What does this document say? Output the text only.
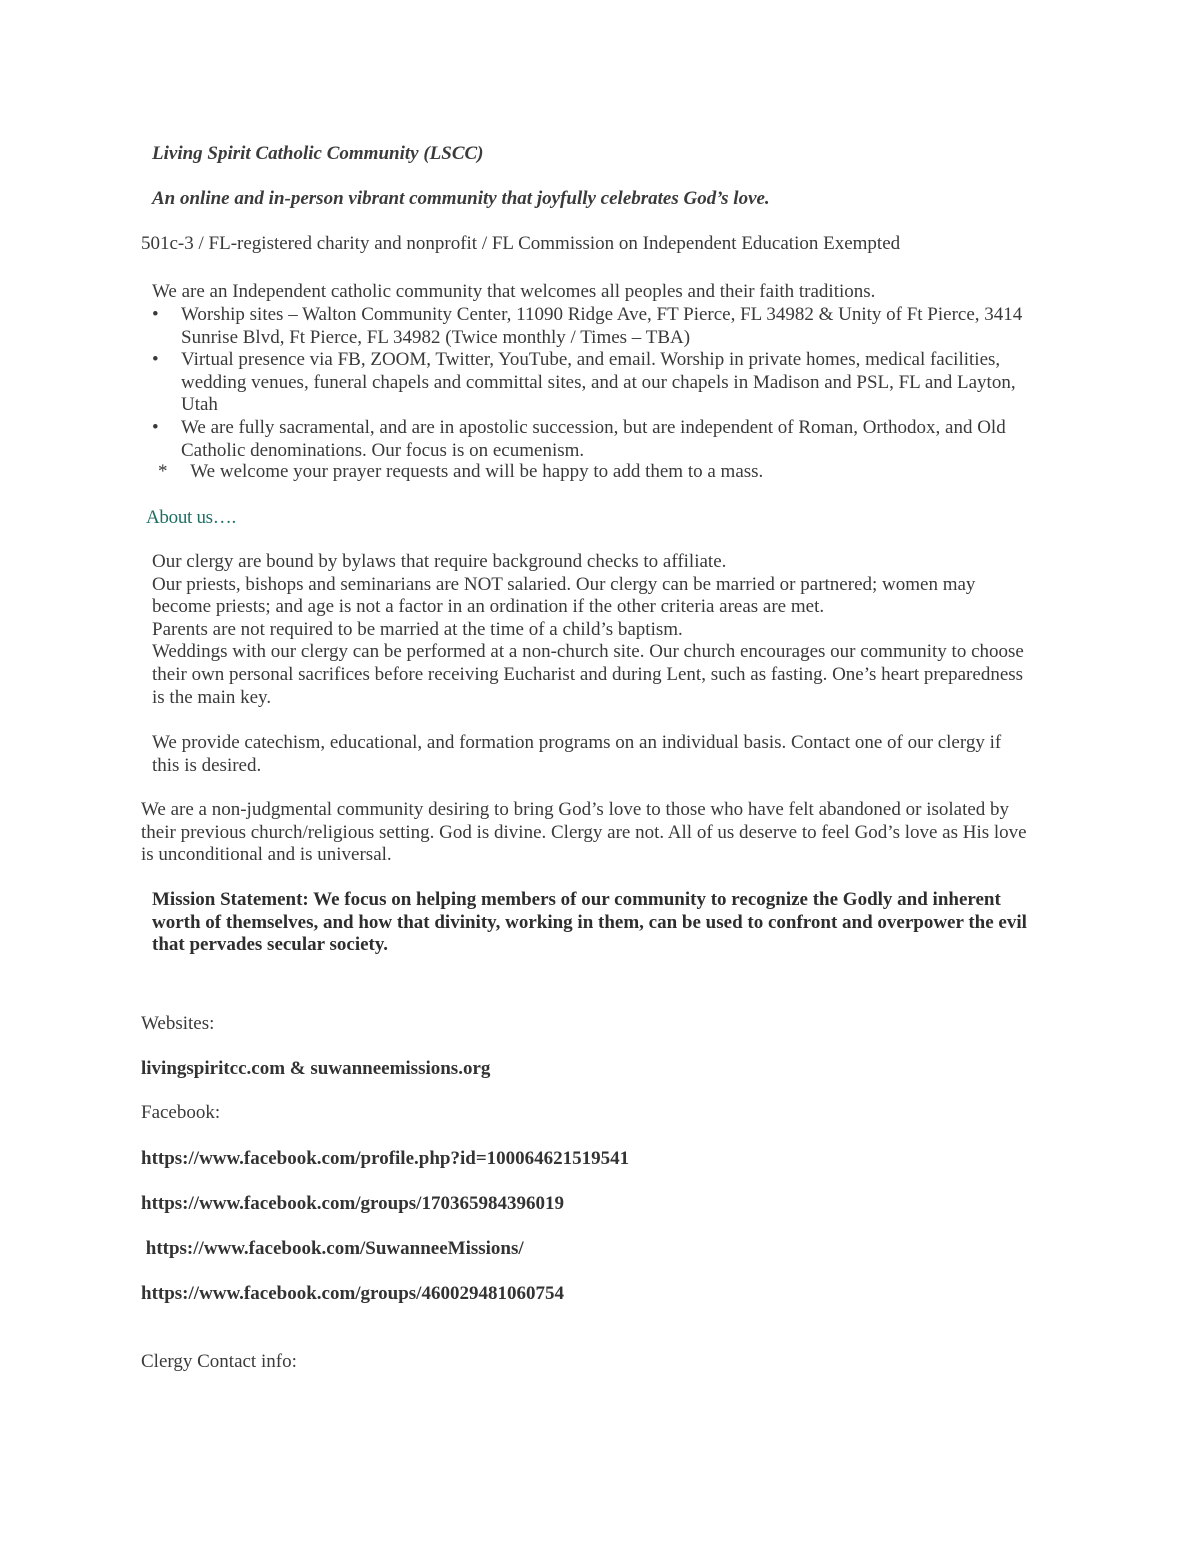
Living Spirit Catholic Community (LSCC)
An online and in-person vibrant community that joyfully celebrates God’s love.
501c-3 / FL-registered charity and nonprofit / FL Commission on Independent Education Exempted
We are an Independent catholic community that welcomes all peoples and their faith traditions.
•	Worship sites – Walton Community Center, 11090 Ridge Ave, FT Pierce, FL 34982 & Unity of Ft Pierce, 3414 Sunrise Blvd, Ft Pierce, FL 34982 (Twice monthly / Times – TBA)
•	Virtual presence via FB, ZOOM, Twitter, YouTube, and email. Worship in private homes, medical facilities, wedding venues, funeral chapels and committal sites, and at our chapels in Madison and PSL, FL and Layton, Utah
•	We are fully sacramental, and are in apostolic succession, but are independent of Roman, Orthodox, and Old Catholic denominations. Our focus is on ecumenism.
* We welcome your prayer requests and will be happy to add them to a mass.
About us….
Our clergy are bound by bylaws that require background checks to affiliate.
Our priests, bishops and seminarians are NOT salaried. Our clergy can be married or partnered; women may
become priests; and age is not a factor in an ordination if the other criteria areas are met.
Parents are not required to be married at the time of a child’s baptism.
Weddings with our clergy can be performed at a non-church site. Our church encourages our community to choose
their own personal sacrifices before receiving Eucharist and during Lent, such as fasting. One’s heart preparedness
is the main key.
We provide catechism, educational, and formation programs on an individual basis. Contact one of our clergy if
this is desired.
We are a non-judgmental community desiring to bring God’s love to those who have felt abandoned or isolated by
their previous church/religious setting. God is divine. Clergy are not. All of us deserve to feel God’s love as His love
is unconditional and is universal.
Mission Statement: We focus on helping members of our community to recognize the Godly and inherent
worth of themselves, and how that divinity, working in them, can be used to confront and overpower the evil
that pervades secular society.
Websites:
livingspiritcc.com & suwanneemissions.org
Facebook:
https://www.facebook.com/profile.php?id=100064621519541
https://www.facebook.com/groups/170365984396019
https://www.facebook.com/SuwanneeMissions/
https://www.facebook.com/groups/460029481060754
Clergy Contact info:
